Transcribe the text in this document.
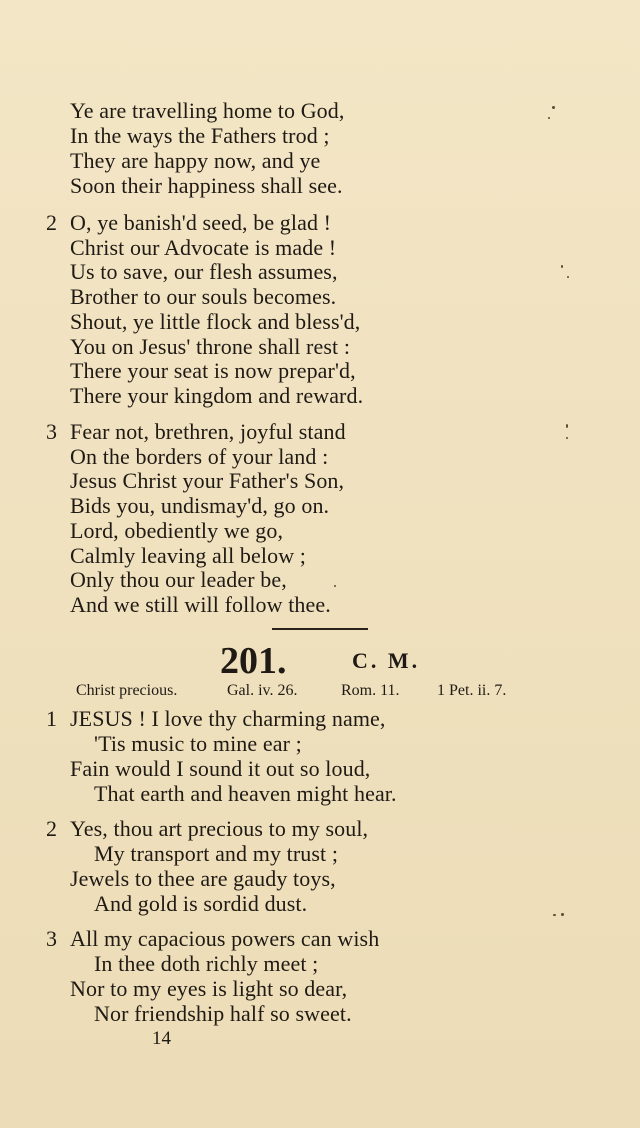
Ye are travelling home to God,
In the ways the Fathers trod ;
They are happy now, and ye
Soon their happiness shall see.
2 O, ye banish'd seed, be glad !
Christ our Advocate is made !
Us to save, our flesh assumes,
Brother to our souls becomes.
Shout, ye little flock and bless'd,
You on Jesus' throne shall rest :
There your seat is now prepar'd,
There your kingdom and reward.
3 Fear not, brethren, joyful stand
On the borders of your land :
Jesus Christ your Father's Son,
Bids you, undismay'd, go on.
Lord, obediently we go,
Calmly leaving all below ;
Only thou our leader be,
And we still will follow thee.
201.	C. M.
Christ precious.	Gal. iv. 26.	Rom. 11. 1 Pet. ii. 7.
1 JESUS ! I love thy charming name,
'Tis music to mine ear ;
Fain would I sound it out so loud,
That earth and heaven might hear.
2 Yes, thou art precious to my soul,
My transport and my trust ;
Jewels to thee are gaudy toys,
And gold is sordid dust.
3 All my capacious powers can wish
In thee doth richly meet ;
Nor to my eyes is light so dear,
Nor friendship half so sweet.
14
